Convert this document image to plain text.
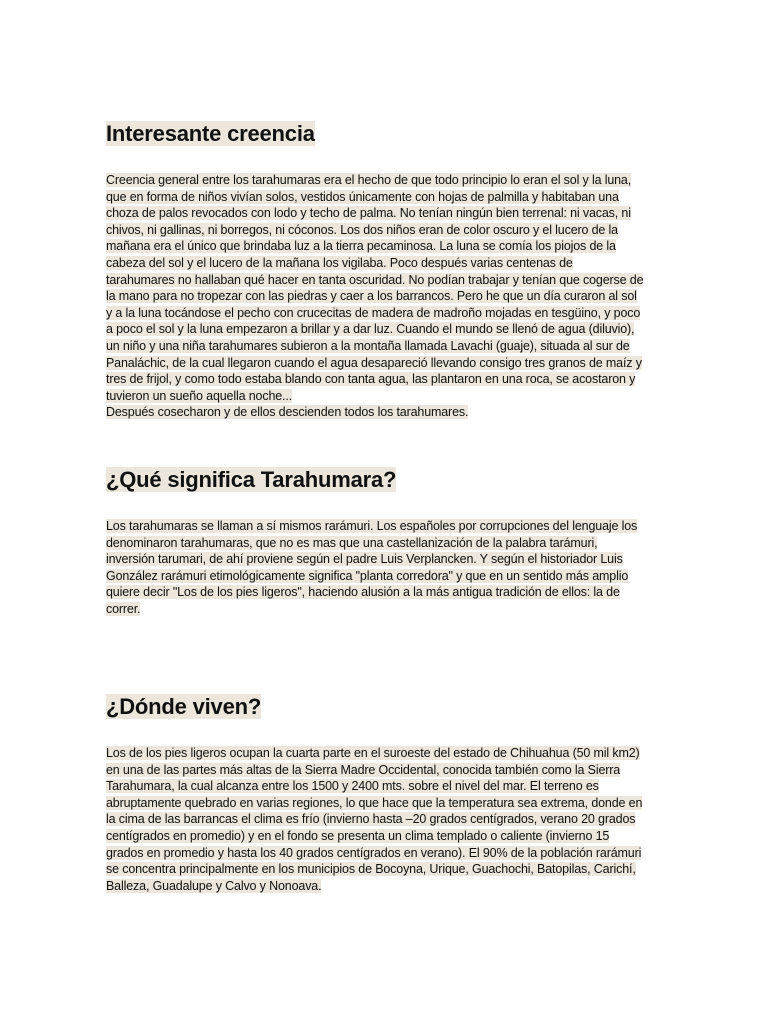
Interesante creencia
Creencia general entre los tarahumaras era el hecho de que todo principio lo eran el sol y la luna,
que en forma de niños vivían solos, vestidos únicamente con hojas de palmilla y habitaban una
choza de palos revocados con lodo y techo de palma. No tenían ningún bien terrenal: ni vacas, ni
chivos, ni gallinas, ni borregos, ni cóconos. Los dos niños eran de color oscuro y el lucero de la
mañana era el único que brindaba luz a la tierra pecaminosa. La luna se comía los piojos de la
cabeza del sol y el lucero de la mañana los vigilaba. Poco después varias centenas de
tarahumares no hallaban qué hacer en tanta oscuridad. No podían trabajar y tenían que cogerse de
la mano para no tropezar con las piedras y caer a los barrancos. Pero he que un día curaron al sol
y a la luna tocándose el pecho con crucecitas de madera de madroño mojadas en tesgüino, y poco
a poco el sol y la luna empezaron a brillar y a dar luz. Cuando el mundo se llenó de agua (diluvio),
un niño y una niña tarahumares subieron a la montaña llamada Lavachi (guaje), situada al sur de
Panaláchic, de la cual llegaron cuando el agua desapareció llevando consigo tres granos de maíz y
tres de frijol, y como todo estaba blando con tanta agua, las plantaron en una roca, se acostaron y
tuvieron un sueño aquella noche...
Después cosecharon y de ellos descienden todos los tarahumares.
¿Qué significa Tarahumara?
Los tarahumaras se llaman a sí mismos rarámuri. Los españoles por corrupciones del lenguaje los
denominaron tarahumaras, que no es mas que una castellanización de la palabra tarámuri,
inversión tarumari, de ahí proviene según el padre Luis Verplancken. Y según el historiador Luis
González rarámuri etimológicamente significa "planta corredora" y que en un sentido más amplio
quiere decir "Los de los pies ligeros", haciendo alusión a la más antigua tradición de ellos: la de
correr.
¿Dónde viven?
Los de los pies ligeros ocupan la cuarta parte en el suroeste del estado de Chihuahua (50 mil km2)
en una de las partes más altas de la Sierra Madre Occidental, conocida también como la Sierra
Tarahumara, la cual alcanza entre los 1500 y 2400 mts. sobre el nivel del mar. El terreno es
abruptamente quebrado en varias regiones, lo que hace que la temperatura sea extrema, donde en
la cima de las barrancas el clima es frío (invierno hasta –20 grados centígrados, verano 20 grados
centígrados en promedio) y en el fondo se presenta un clima templado o caliente (invierno 15
grados en promedio y hasta los 40 grados centígrados en verano). El 90% de la población rarámuri
se concentra principalmente en los municipios de Bocoyna, Urique, Guachochi, Batopilas, Carichí,
Balleza, Guadalupe y Calvo y Nonoava.
